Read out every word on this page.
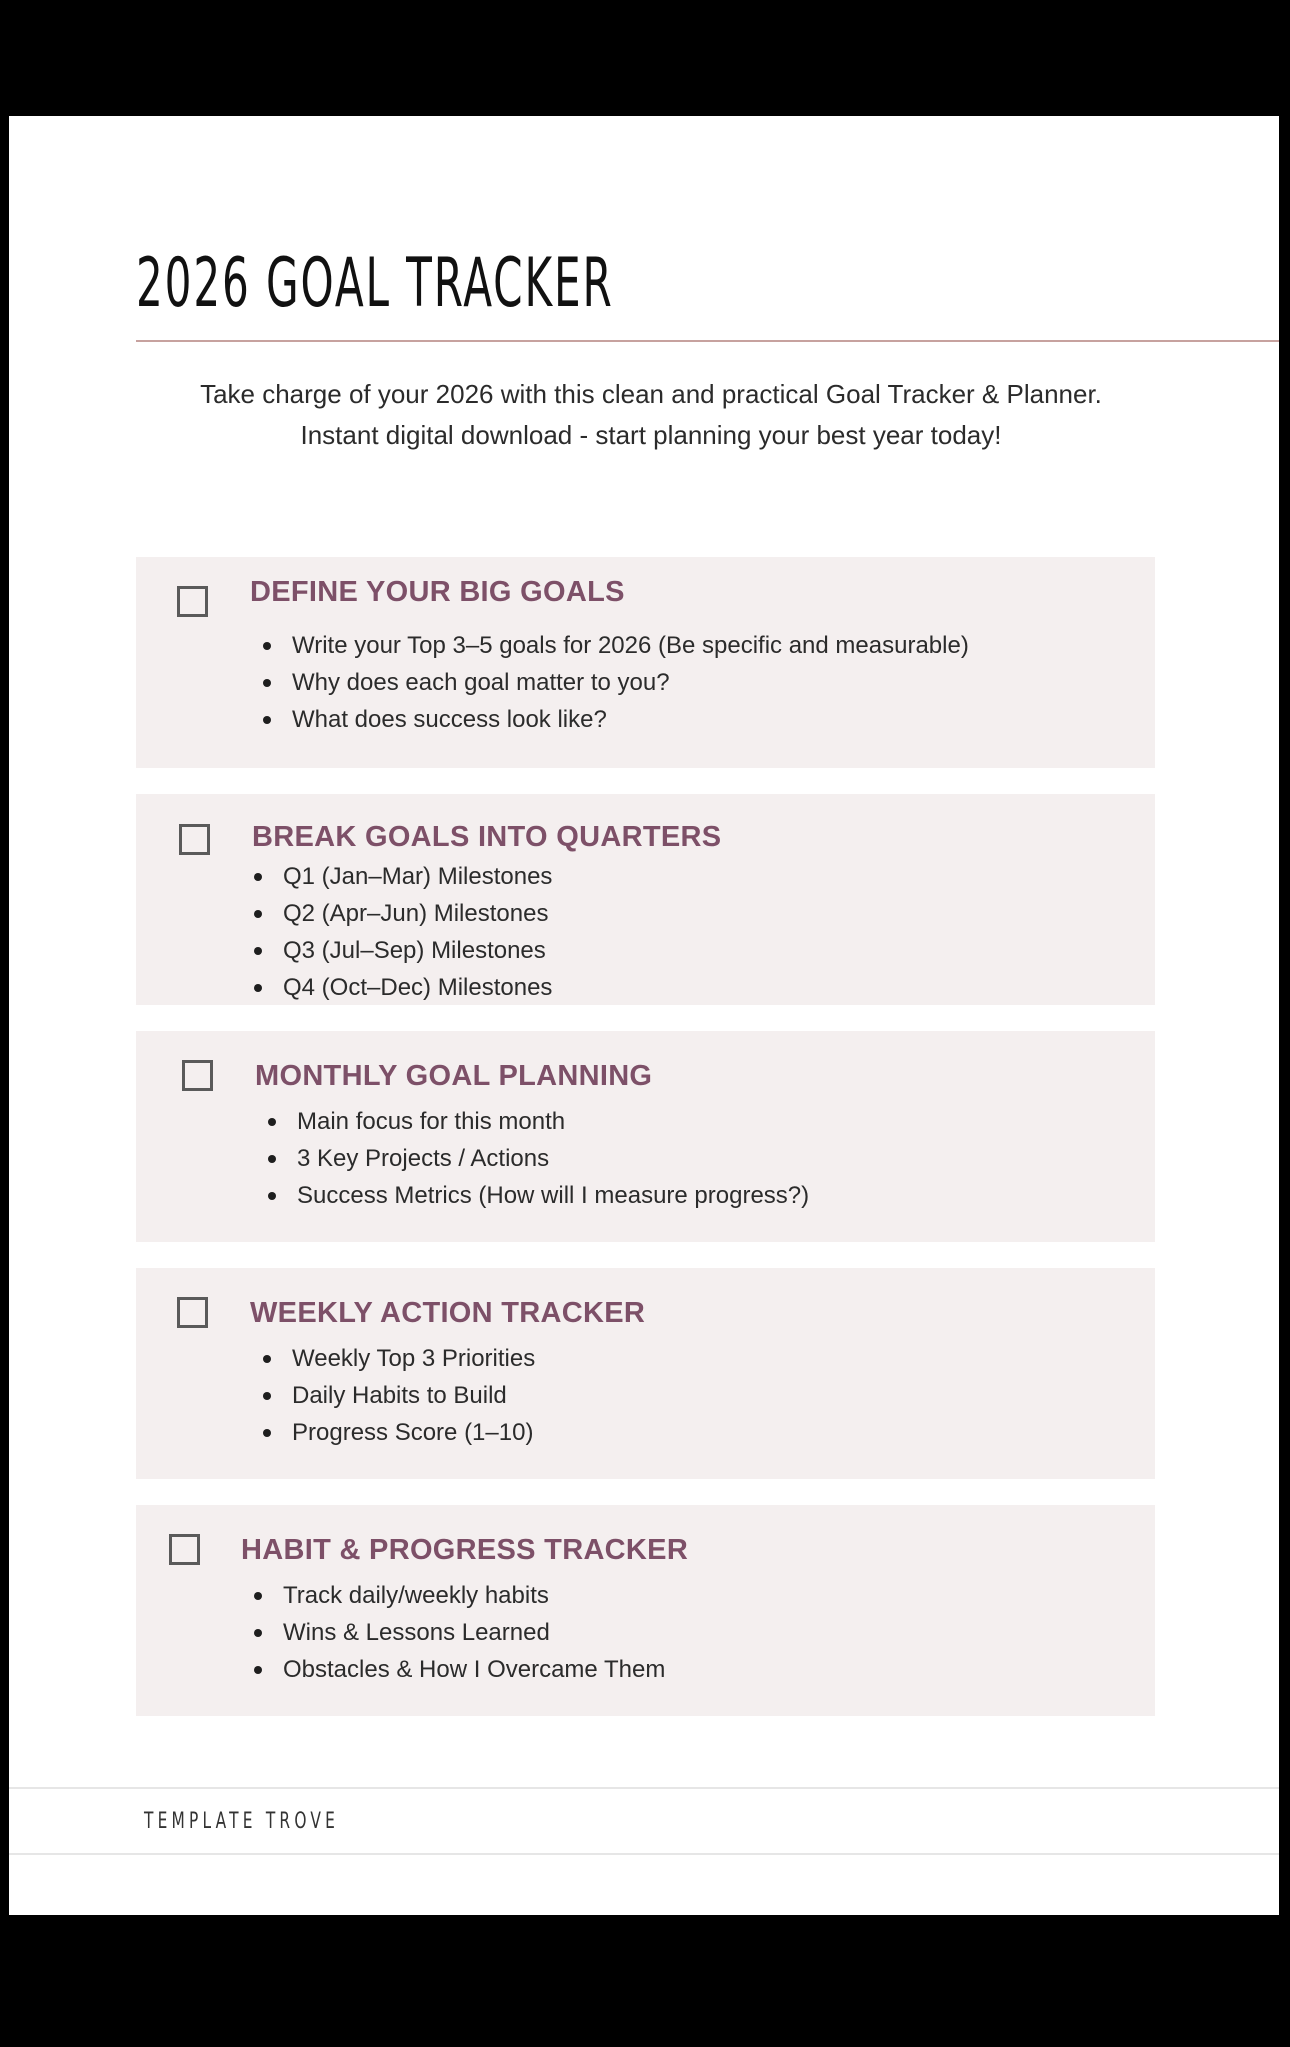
2026 GOAL TRACKER
Take charge of your 2026 with this clean and practical Goal Tracker & Planner.
Instant digital download - start planning your best year today!
DEFINE YOUR BIG GOALS
Write your Top 3–5 goals for 2026 (Be specific and measurable)
Why does each goal matter to you?
What does success look like?
BREAK GOALS INTO QUARTERS
Q1 (Jan–Mar) Milestones
Q2 (Apr–Jun) Milestones
Q3 (Jul–Sep) Milestones
Q4 (Oct–Dec) Milestones
MONTHLY GOAL PLANNING
Main focus for this month
3 Key Projects / Actions
Success Metrics (How will I measure progress?)
WEEKLY ACTION TRACKER
Weekly Top 3 Priorities
Daily Habits to Build
Progress Score (1–10)
HABIT & PROGRESS TRACKER
Track daily/weekly habits
Wins & Lessons Learned
Obstacles & How I Overcame Them
TEMPLATE TROVE
